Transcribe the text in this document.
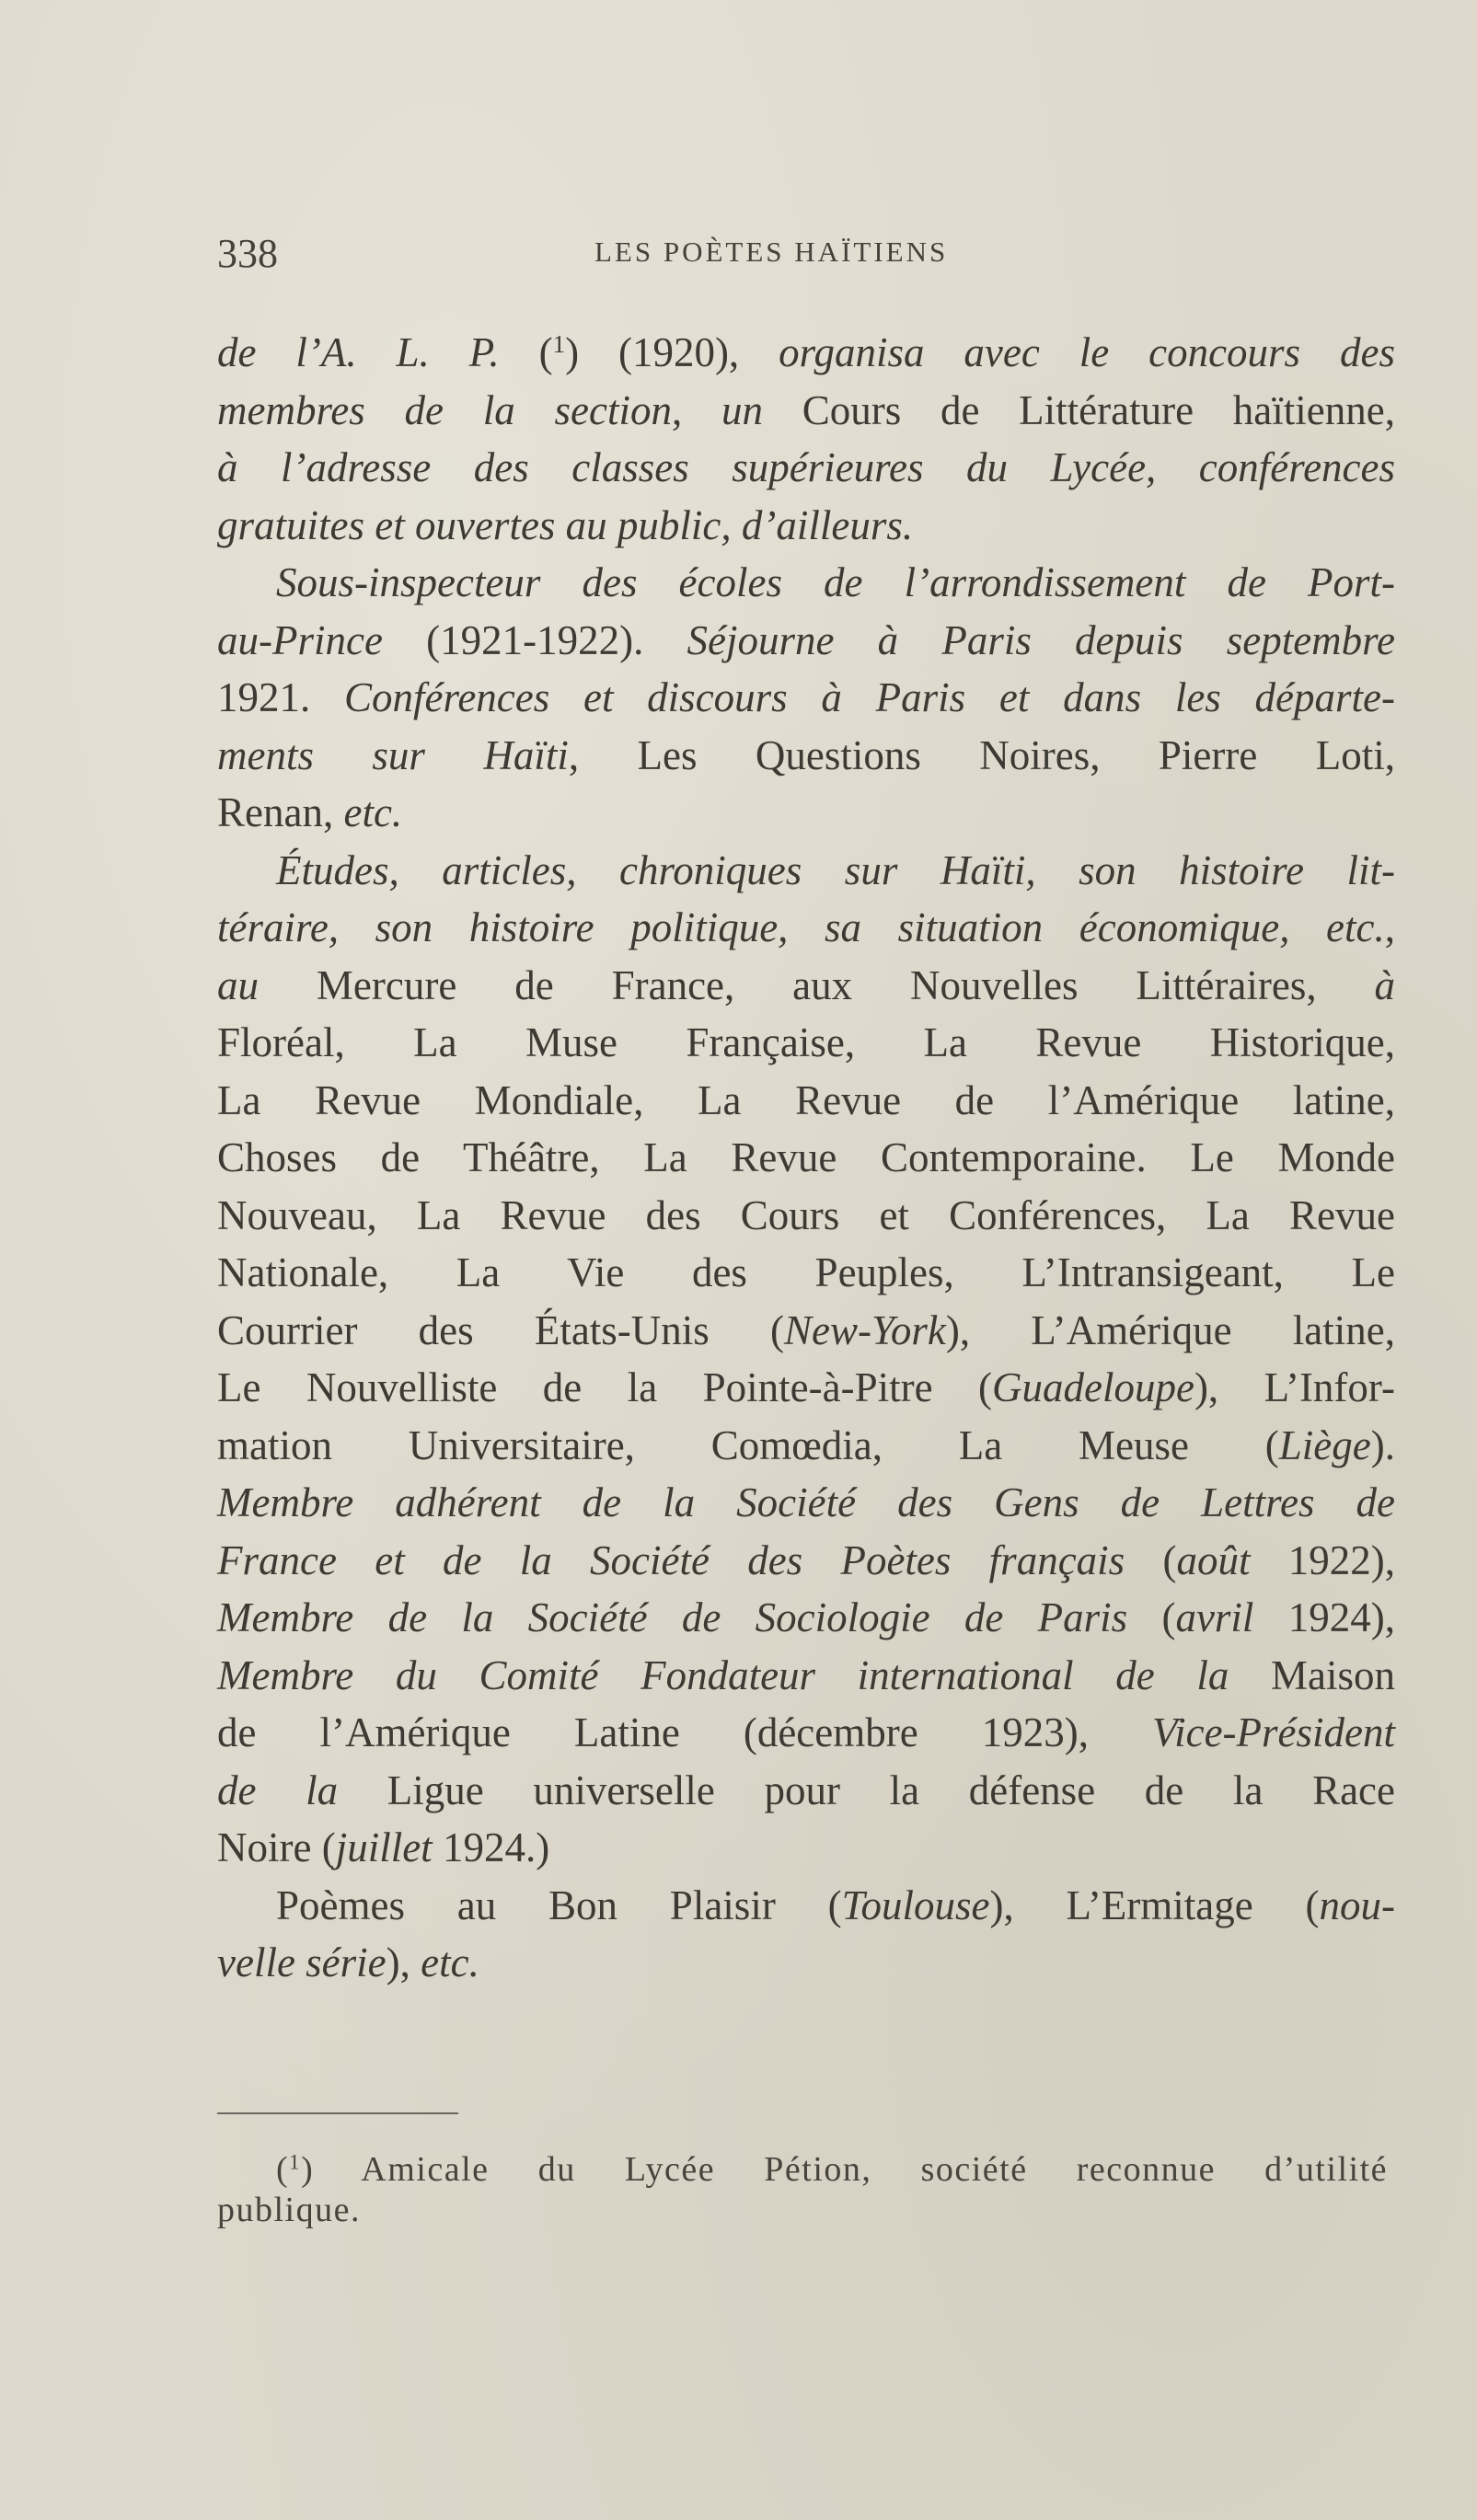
338	LES POÈTES HAÏTIENS
de l’A. L. P. ($^1$) (1920), organisa avec le concours des
membres de la section, un Cours de Littérature haïtienne,
à l’adresse des classes supérieures du Lycée, conférences
gratuites et ouvertes au public, d’ailleurs.
Sous-inspecteur des écoles de l’arrondissement de Port-
au-Prince (1921-1922). Séjourne à Paris depuis septembre
1921. Conférences et discours à Paris et dans les départe-
ments sur Haïti, Les Questions Noires, Pierre Loti,
Renan, etc.
Études, articles, chroniques sur Haïti, son histoire lit-
téraire, son histoire politique, sa situation économique, etc.,
au Mercure de France, aux Nouvelles Littéraires, à
Floréal, La Muse Française, La Revue Historique,
La Revue Mondiale, La Revue de l’Amérique latine,
Choses de Théâtre, La Revue Contemporaine. Le Monde
Nouveau, La Revue des Cours et Conférences, La Revue
Nationale, La Vie des Peuples, L’Intransigeant, Le
Courrier des États-Unis (New-York), L’Amérique latine,
Le Nouvelliste de la Pointe-à-Pitre (Guadeloupe), L’Infor-
mation Universitaire, Comœdia, La Meuse (Liège).
Membre adhérent de la Société des Gens de Lettres de
France et de la Société des Poètes français (août 1922),
Membre de la Société de Sociologie de Paris (avril 1924),
Membre du Comité Fondateur international de la Maison
de l’Amérique Latine (décembre 1923), Vice-Président
de la Ligue universelle pour la défense de la Race
Noire (juillet 1924.)
Poèmes au Bon Plaisir (Toulouse), L’Ermitage (nou-
velle série), etc.
($^1$) Amicale du Lycée Pétion, société reconnue d’utilité
publique.
